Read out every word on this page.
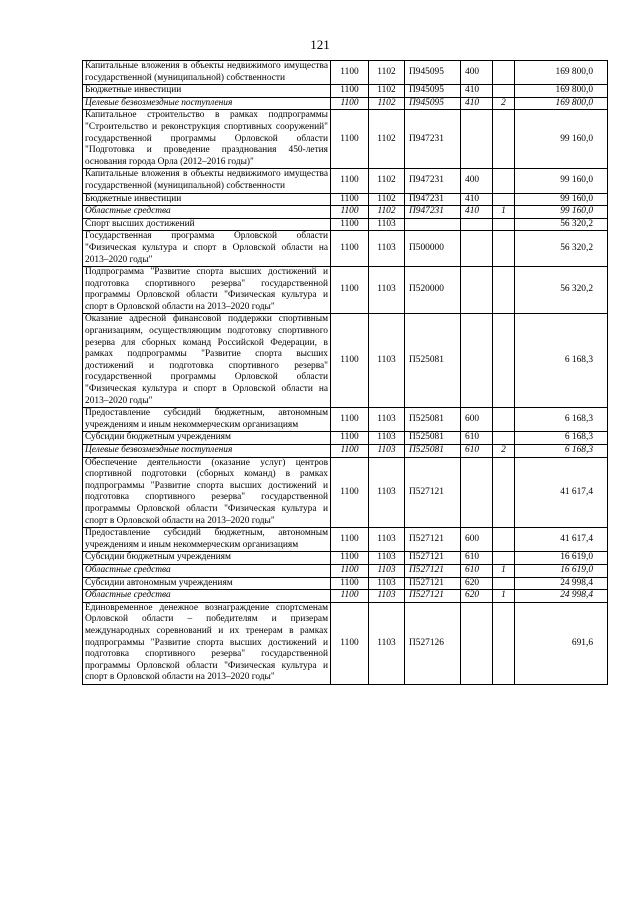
121
Капитальные вложения в объекты недвижимого имущества государственной (муниципальной) собственности	1100	1102	П945095	400		169 800,0
Бюджетные инвестиции	1100	1102	П945095	410		169 800,0
Целевые безвозмездные поступления	1100	1102	П945095	410	2	169 800,0
Капитальное строительство в рамках подпрограммы "Строительство и реконструкция спортивных сооружений" государственной программы Орловской области "Подготовка и проведение празднования 450-летия основания города Орла (2012–2016 годы)"	1100	1102	П947231			99 160,0
Капитальные вложения в объекты недвижимого имущества государственной (муниципальной) собственности	1100	1102	П947231	400		99 160,0
Бюджетные инвестиции	1100	1102	П947231	410		99 160,0
Областные средства	1100	1102	П947231	410	1	99 160,0
Спорт высших достижений	1100	1103				56 320,2
Государственная программа Орловской области "Физическая культура и спорт в Орловской области на 2013–2020 годы"	1100	1103	П500000			56 320,2
Подпрограмма "Развитие спорта высших достижений и подготовка спортивного резерва" государственной программы Орловской области "Физическая культура и спорт в Орловской области на 2013–2020 годы"	1100	1103	П520000			56 320,2
Оказание адресной финансовой поддержки спортивным организациям, осуществляющим подготовку спортивного резерва для сборных команд Российской Федерации, в рамках подпрограммы "Развитие спорта высших достижений и подготовка спортивного резерва" государственной программы Орловской области "Физическая культура и спорт в Орловской области на 2013–2020 годы"	1100	1103	П525081			6 168,3
Предоставление субсидий бюджетным, автономным учреждениям и иным некоммерческим организациям	1100	1103	П525081	600		6 168,3
Субсидии бюджетным учреждениям	1100	1103	П525081	610		6 168,3
Целевые безвозмездные поступления	1100	1103	П525081	610	2	6 168,3
Обеспечение деятельности (оказание услуг) центров спортивной подготовки (сборных команд) в рамках подпрограммы "Развитие спорта высших достижений и подготовка спортивного резерва" государственной программы Орловской области "Физическая культура и спорт в Орловской области на 2013–2020 годы"	1100	1103	П527121			41 617,4
Предоставление субсидий бюджетным, автономным учреждениям и иным некоммерческим организациям	1100	1103	П527121	600		41 617,4
Субсидии бюджетным учреждениям	1100	1103	П527121	610		16 619,0
Областные средства	1100	1103	П527121	610	1	16 619,0
Субсидии автономным учреждениям	1100	1103	П527121	620		24 998,4
Областные средства	1100	1103	П527121	620	1	24 998,4
Единовременное денежное вознаграждение спортсменам Орловской области – победителям и призерам международных соревнований и их тренерам в рамках подпрограммы "Развитие спорта высших достижений и подготовка спортивного резерва" государственной программы Орловской области "Физическая культура и спорт в Орловской области на 2013–2020 годы"	1100	1103	П527126			691,6
